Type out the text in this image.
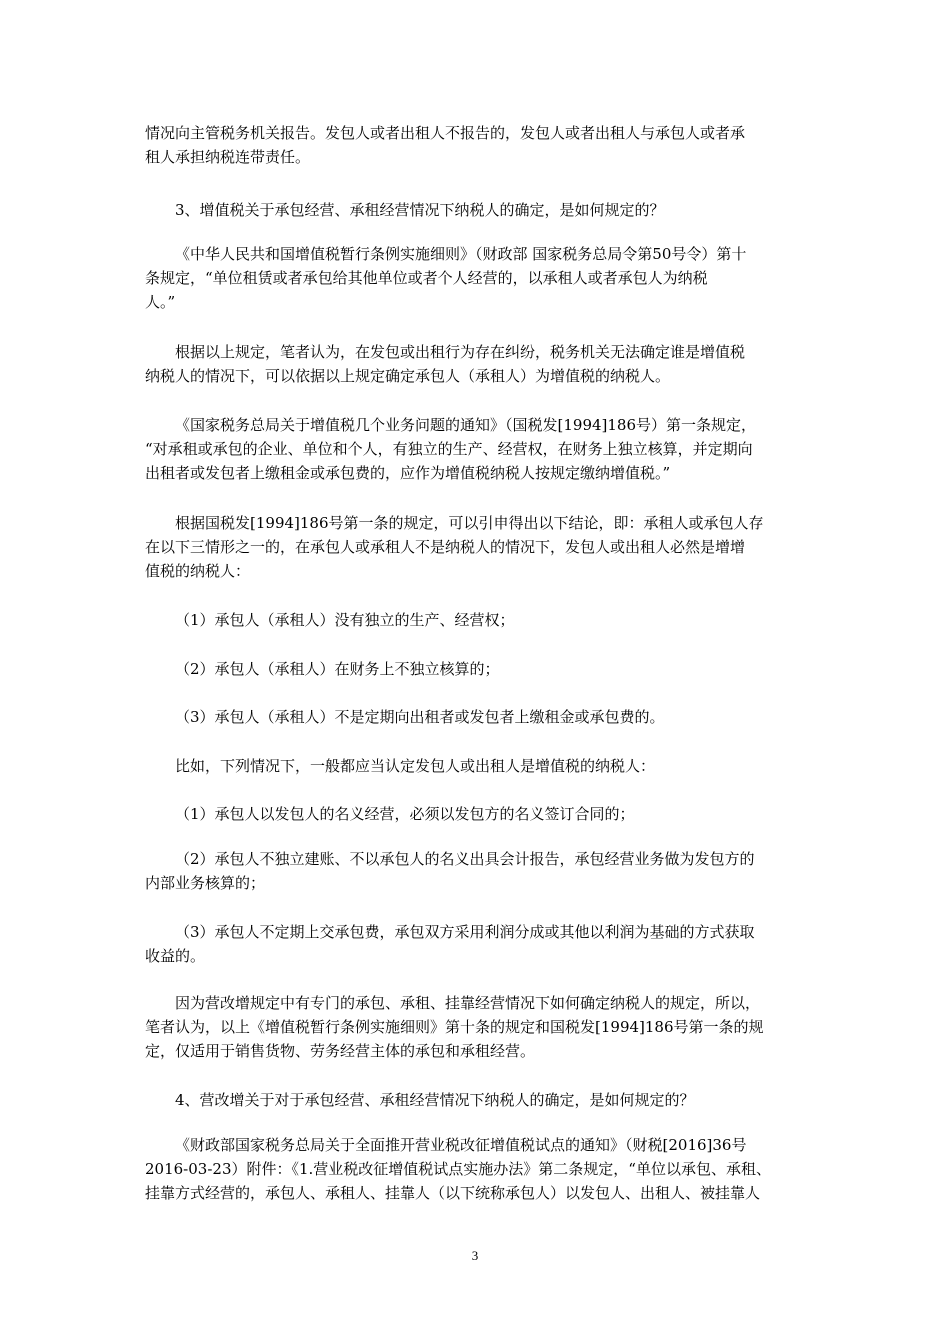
情况向主管税务机关报告。发包人或者出租人不报告的，发包人或者出租人与承包人或者承
租人承担纳税连带责任。
3、增值税关于承包经营、承租经营情况下纳税人的确定，是如何规定的？
《中华人民共和国增值税暂行条例实施细则》（财政部 国家税务总局令第50号令）第十
条规定，“单位租赁或者承包给其他单位或者个人经营的，以承租人或者承包人为纳税
人。”
根据以上规定，笔者认为，在发包或出租行为存在纠纷，税务机关无法确定谁是增值税
纳税人的情况下，可以依据以上规定确定承包人（承租人）为增值税的纳税人。
《国家税务总局关于增值税几个业务问题的通知》（国税发[1994]186号）第一条规定，
“对承租或承包的企业、单位和个人，有独立的生产、经营权，在财务上独立核算，并定期向
出租者或发包者上缴租金或承包费的，应作为增值税纳税人按规定缴纳增值税。”
根据国税发[1994]186号第一条的规定，可以引申得出以下结论，即：承租人或承包人存
在以下三情形之一的，在承包人或承租人不是纳税人的情况下，发包人或出租人必然是增增
值税的纳税人：
（1）承包人（承租人）没有独立的生产、经营权；
（2）承包人（承租人）在财务上不独立核算的；
（3）承包人（承租人）不是定期向出租者或发包者上缴租金或承包费的。
比如，下列情况下，一般都应当认定发包人或出租人是增值税的纳税人：
（1）承包人以发包人的名义经营，必须以发包方的名义签订合同的；
（2）承包人不独立建账、不以承包人的名义出具会计报告，承包经营业务做为发包方的
内部业务核算的；
（3）承包人不定期上交承包费，承包双方采用利润分成或其他以利润为基础的方式获取
收益的。
因为营改增规定中有专门的承包、承租、挂靠经营情况下如何确定纳税人的规定，所以，
笔者认为，以上《增值税暂行条例实施细则》第十条的规定和国税发[1994]186号第一条的规
定，仅适用于销售货物、劳务经营主体的承包和承租经营。
4、营改增关于对于承包经营、承租经营情况下纳税人的确定，是如何规定的？
《财政部国家税务总局关于全面推开营业税改征增值税试点的通知》（财税[2016]36号
2016-03-23）附件：《1.营业税改征增值税试点实施办法》第二条规定，“单位以承包、承租、
挂靠方式经营的，承包人、承租人、挂靠人（以下统称承包人）以发包人、出租人、被挂靠人
3
